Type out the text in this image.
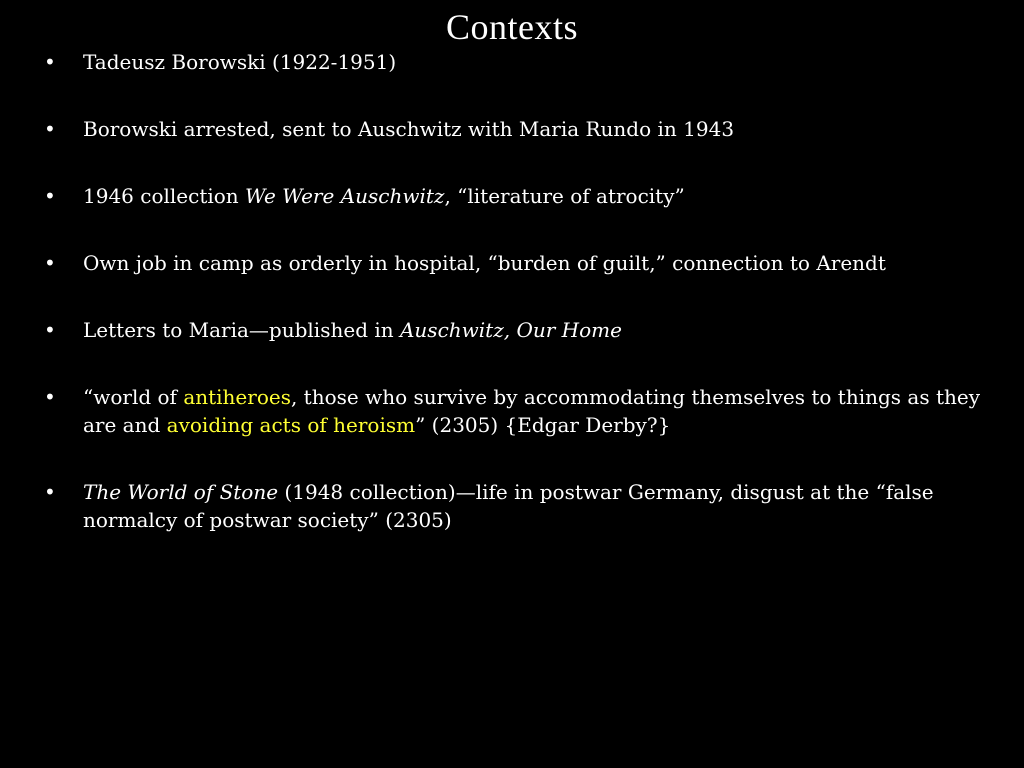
Contexts
• Tadeusz Borowski (1922-1951)
• Borowski arrested, sent to Auschwitz with Maria Rundo in 1943
• 1946 collection We Were Auschwitz, “literature of atrocity”
• Own job in camp as orderly in hospital, “burden of guilt,” connection to Arendt
• Letters to Maria—published in Auschwitz, Our Home
• “world of antiheroes, those who survive by accommodating themselves to things as they are and avoiding acts of heroism” (2305) {Edgar Derby?}
• The World of Stone (1948 collection)—life in postwar Germany, disgust at the “false normalcy of postwar society” (2305)
